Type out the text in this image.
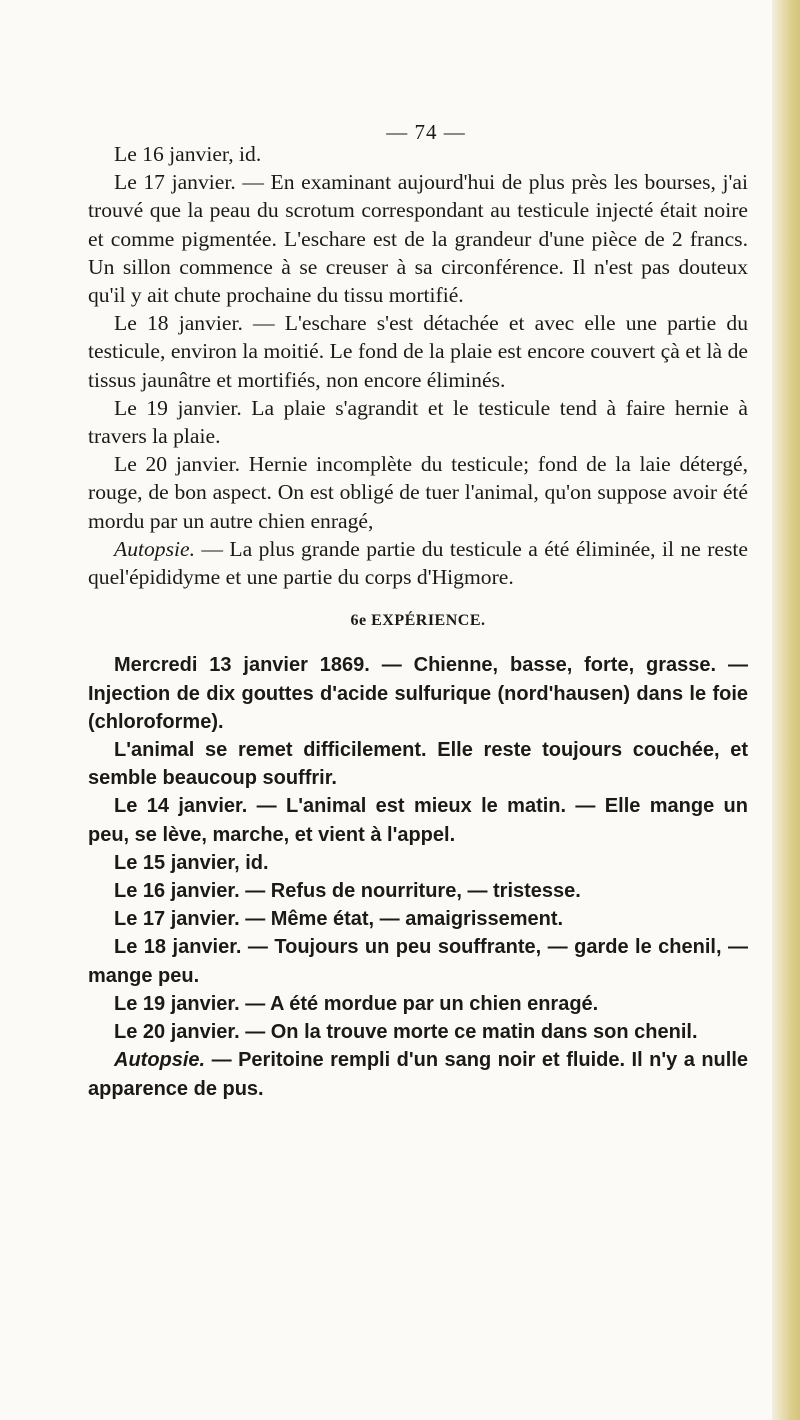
— 74 —

Le 16 janvier, id.

Le 17 janvier. — En examinant aujourd'hui de plus près les bourses, j'ai trouvé que la peau du scrotum correspondant au testicule injecté était noire et comme pigmentée. L'eschare est de la grandeur d'une pièce de 2 francs. Un sillon commence à se creuser à sa circonférence. Il n'est pas douteux qu'il y ait chute prochaine du tissu mortifié.

Le 18 janvier. — L'eschare s'est détachée et avec elle une partie du testicule, environ la moitié. Le fond de la plaie est encore couvert çà et là de tissus jaunâtre et mortifiés, non encore éliminés.

Le 19 janvier. La plaie s'agrandit et le testicule tend à faire hernie à travers la plaie.

Le 20 janvier. Hernie incomplète du testicule; fond de la laie détergé, rouge, de bon aspect. On est obligé de tuer l'animal, qu'on suppose avoir été mordu par un autre chien enragé,

Autopsie. — La plus grande partie du testicule a été éliminée, il ne reste quel'épididyme et une partie du corps d'Higmore.

6e EXPÉRIENCE.

Mercredi 13 janvier 1869. — Chienne, basse, forte, grasse. — Injection de dix gouttes d'acide sulfurique (nord'hausen) dans le foie (chloroforme).

L'animal se remet difficilement. Elle reste toujours couchée, et semble beaucoup souffrir.

Le 14 janvier. — L'animal est mieux le matin. — Elle mange un peu, se lève, marche, et vient à l'appel.

Le 15 janvier, id.

Le 16 janvier. — Refus de nourriture, — tristesse.

Le 17 janvier. — Même état, — amaigrissement.

Le 18 janvier. — Toujours un peu souffrante, — garde le chenil, — mange peu.

Le 19 janvier. — A été mordue par un chien enragé.

Le 20 janvier. — On la trouve morte ce matin dans son chenil.

Autopsie. — Peritoine rempli d'un sang noir et fluide. Il n'y a nulle apparence de pus.
